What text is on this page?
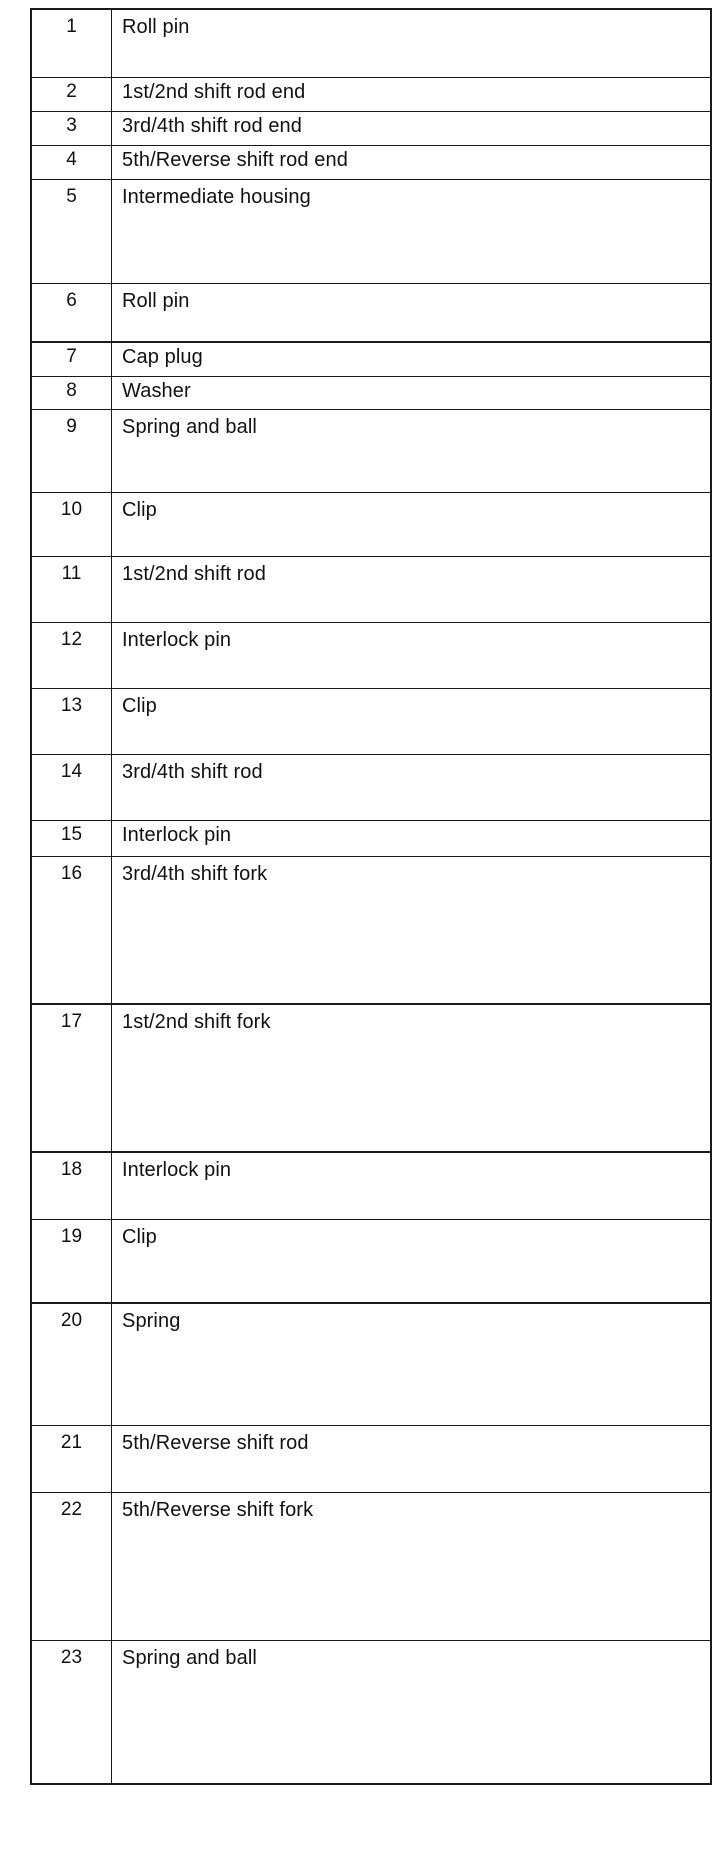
1	Roll pin
2	1st/2nd shift rod end
3	3rd/4th shift rod end
4	5th/Reverse shift rod end
5	Intermediate housing
6	Roll pin
7	Cap plug
8	Washer
9	Spring and ball
10	Clip
11	1st/2nd shift rod
12	Interlock pin
13	Clip
14	3rd/4th shift rod
15	Interlock pin
16	3rd/4th shift fork
17	1st/2nd shift fork
18	Interlock pin
19	Clip
20	Spring
21	5th/Reverse shift rod
22	5th/Reverse shift fork
23	Spring and ball
